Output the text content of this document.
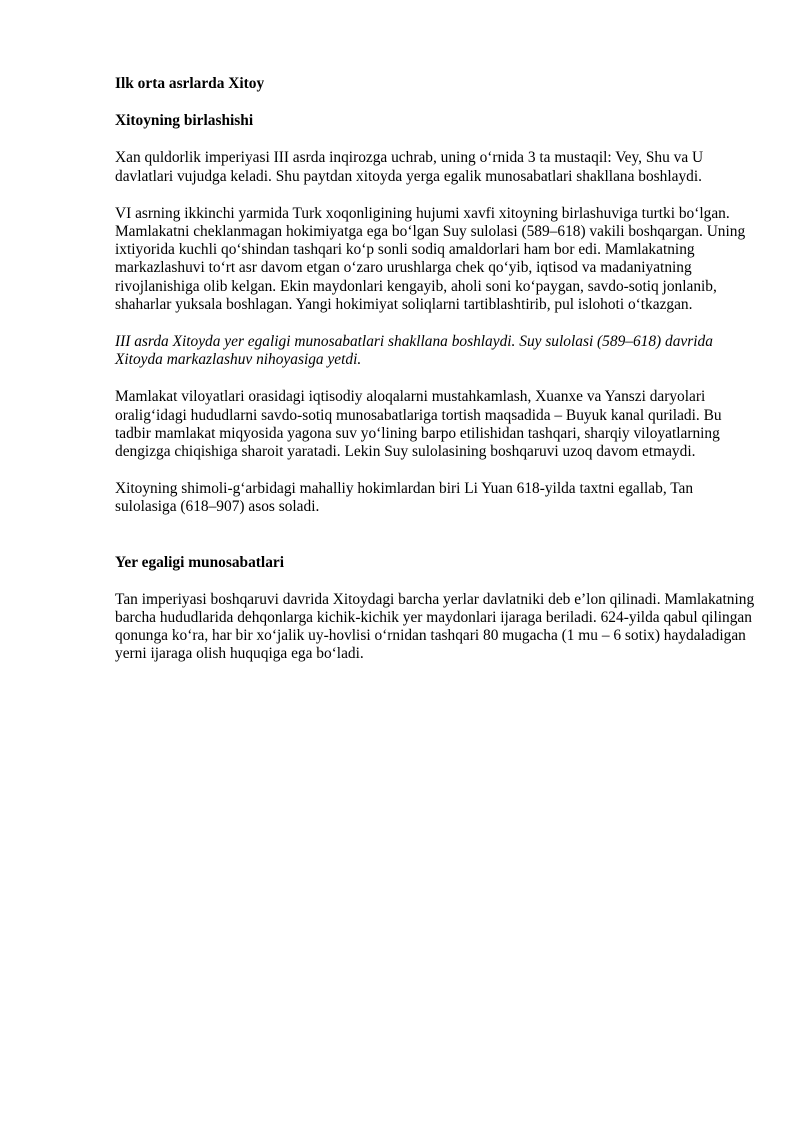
Ilk orta asrlarda Xitoy
Xitoyning birlashishi

Xan quldorlik imperiyasi III asrda inqirozga uchrab, uning o‘rnida 3 ta mustaqil: Vey, Shu va U davlatlari vujudga keladi. Shu paytdan xitoyda yerga egalik munosabatlari shakllana boshlaydi.

VI asrning ikkinchi yarmida Turk xoqonligining hujumi xavfi xitoyning birlashuviga turtki bo‘lgan. Mamlakatni cheklanmagan hokimiyatga ega bo‘lgan Suy sulolasi (589–618) vakili boshqargan. Uning ixtiyorida kuchli qo‘shindan tashqari ko‘p sonli sodiq amaldorlari ham bor edi. Mamlakatning markazlashuvi to‘rt asr davom etgan o‘zaro urushlarga chek qo‘yib, iqtisod va madaniyatning rivojlanishiga olib kelgan. Ekin maydonlari kengayib, aholi soni ko‘paygan, savdo-sotiq jonlanib, shaharlar yuksala boshlagan. Yangi hokimiyat soliqlarni tartiblashtirib, pul islohoti o‘tkazgan.

III asrda Xitoyda yer egaligi munosabatlari shakllana boshlaydi. Suy sulolasi (589–618) davrida Xitoyda markazlashuv nihoyasiga yetdi.

Mamlakat viloyatlari orasidagi iqtisodiy aloqalarni mustahkamlash, Xuanxe va Yanszi daryolari oralig‘idagi hududlarni savdo-sotiq munosabatlariga tortish maqsadida – Buyuk kanal quriladi. Bu tadbir mamlakat miqyosida yagona suv yo‘lining barpo etilishidan tashqari, sharqiy viloyatlarning dengizga chiqishiga sharoit yaratadi. Lekin Suy sulolasining boshqaruvi uzoq davom etmaydi.

Xitoyning shimoli-g‘arbidagi mahalliy hokimlardan biri Li Yuan 618-yilda taxtni egallab, Tan sulolasiga (618–907) asos soladi.

Yer egaligi munosabatlari

Tan imperiyasi boshqaruvi davrida Xitoydagi barcha yerlar davlatniki deb e’lon qilinadi. Mamlakatning barcha hududlarida dehqonlarga kichik-kichik yer maydonlari ijaraga beriladi. 624-yilda qabul qilingan qonunga ko‘ra, har bir xo‘jalik uy-hovlisi o‘rnidan tashqari 80 mugacha (1 mu – 6 sotix) haydaladigan yerni ijaraga olish huquqiga ega bo‘ladi.
